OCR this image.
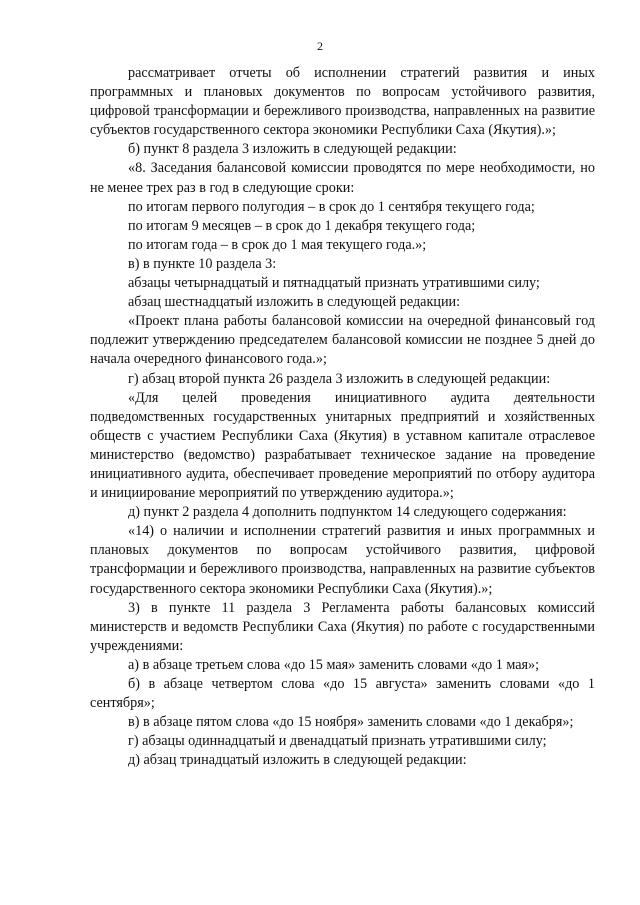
2

рассматривает отчеты об исполнении стратегий развития и иных программных и плановых документов по вопросам устойчивого развития, цифровой трансформации и бережливого производства, направленных на развитие субъектов государственного сектора экономики Республики Саха (Якутия).»;

б) пункт 8 раздела 3 изложить в следующей редакции:

«8. Заседания балансовой комиссии проводятся по мере необходимости, но не менее трех раз в год в следующие сроки:

по итогам первого полугодия – в срок до 1 сентября текущего года;

по итогам 9 месяцев – в срок до 1 декабря текущего года;

по итогам года – в срок до 1 мая текущего года.»;

в) в пункте 10 раздела 3:

абзацы четырнадцатый и пятнадцатый признать утратившими силу;

абзац шестнадцатый изложить в следующей редакции:

«Проект плана работы балансовой комиссии на очередной финансовый год подлежит утверждению председателем балансовой комиссии не позднее 5 дней до начала очередного финансового года.»;

г) абзац второй пункта 26 раздела 3 изложить в следующей редакции:

«Для целей проведения инициативного аудита деятельности подведомственных государственных унитарных предприятий и хозяйственных обществ с участием Республики Саха (Якутия) в уставном капитале отраслевое министерство (ведомство) разрабатывает техническое задание на проведение инициативного аудита, обеспечивает проведение мероприятий по отбору аудитора и инициирование мероприятий по утверждению аудитора.»;

д) пункт 2 раздела 4 дополнить подпунктом 14 следующего содержания:

«14) о наличии и исполнении стратегий развития и иных программных и плановых документов по вопросам устойчивого развития, цифровой трансформации и бережливого производства, направленных на развитие субъектов государственного сектора экономики Республики Саха (Якутия).»;

3) в пункте 11 раздела 3 Регламента работы балансовых комиссий министерств и ведомств Республики Саха (Якутия) по работе с государственными учреждениями:

а) в абзаце третьем слова «до 15 мая» заменить словами «до 1 мая»;

б) в абзаце четвертом слова «до 15 августа» заменить словами «до 1 сентября»;

в) в абзаце пятом слова «до 15 ноября» заменить словами «до 1 декабря»;

г) абзацы одиннадцатый и двенадцатый признать утратившими силу;

д) абзац тринадцатый изложить в следующей редакции:
